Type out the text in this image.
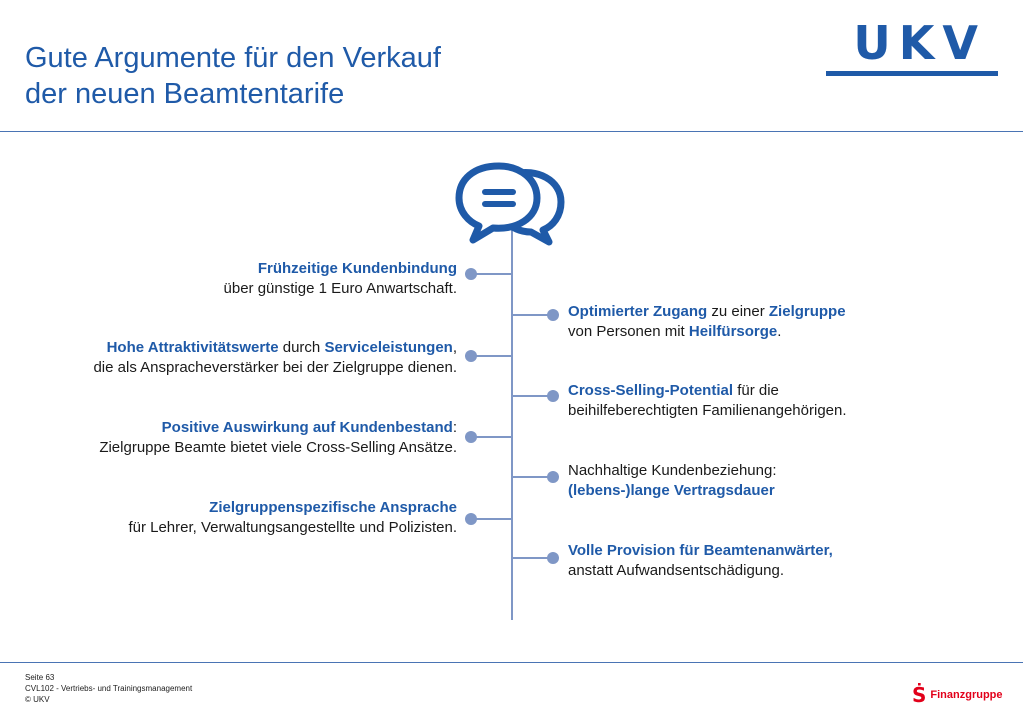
Gute Argumente für den Verkauf
der neuen Beamtentarife
UKV

Frühzeitige Kundenbindung

über günstige 1 Euro Anwartschaft.

Hohe Attraktivitätswerte durch Serviceleistungen,

die als Anspracheverstärker bei der Zielgruppe dienen.

Positive Auswirkung auf Kundenbestand:

Zielgruppe Beamte bietet viele Cross-Selling Ansätze.

Zielgruppenspezifische Ansprache

für Lehrer, Verwaltungsangestellte und Polizisten.

Optimierter Zugang zu einer Zielgruppe

von Personen mit Heilfürsorge.

Cross-Selling-Potential für die

beihilfeberechtigten Familienangehörigen.

Nachhaltige Kundenbeziehung:

(lebens-)lange Vertragsdauer

Volle Provision für Beamtenanwärter,

anstatt Aufwandsentschädigung.

Seite 63
CVL102 - Vertriebs- und Trainingsmanagement
© UKV	Ṡ Finanzgruppe
